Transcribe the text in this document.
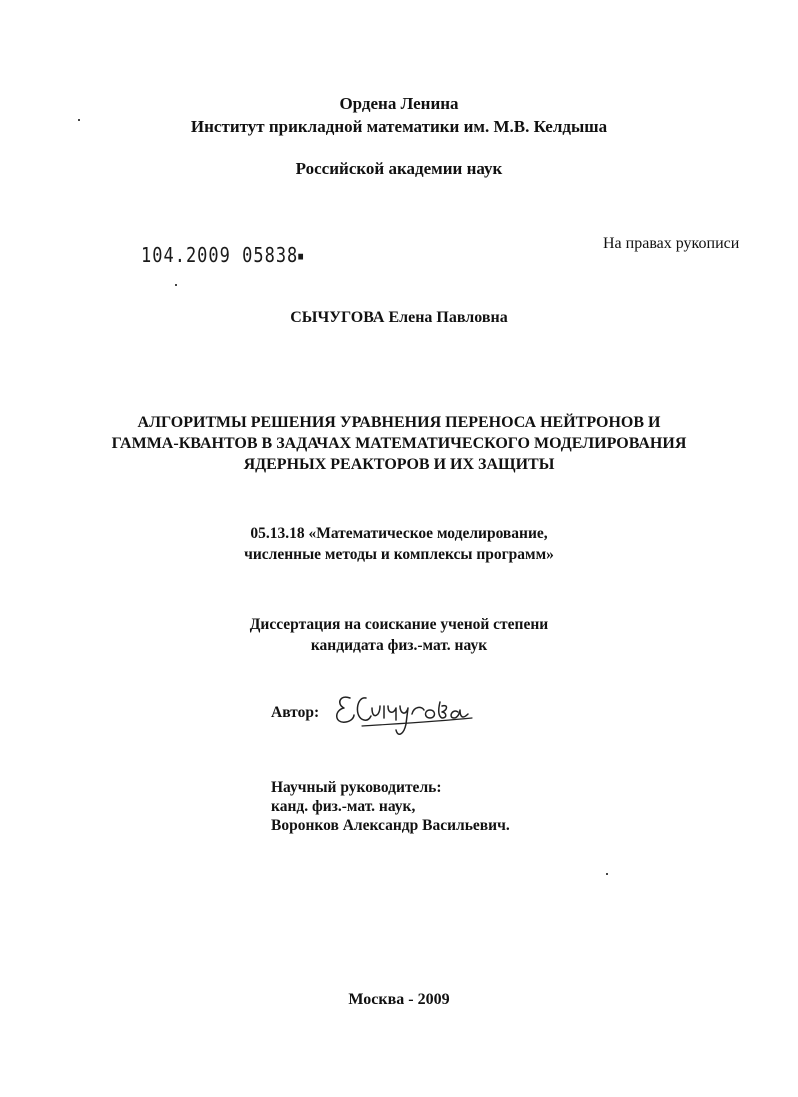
Ордена Ленина
Институт прикладной математики им. М.В. Келдыша
Российской академии наук
104.2009 05838■
На правах рукописи
СЫЧУГОВА Елена Павловна
АЛГОРИТМЫ РЕШЕНИЯ УРАВНЕНИЯ ПЕРЕНОСА НЕЙТРОНОВ И
ГАММА-КВАНТОВ В ЗАДАЧАХ МАТЕМАТИЧЕСКОГО МОДЕЛИРОВАНИЯ
ЯДЕРНЫХ РЕАКТОРОВ И ИХ ЗАЩИТЫ
05.13.18 «Математическое моделирование,
численные методы и комплексы программ»
Диссертация на соискание ученой степени
кандидата физ.-мат. наук
Автор:
Научный руководитель:
канд. физ.-мат. наук,
Воронков Александр Васильевич.
Москва - 2009
